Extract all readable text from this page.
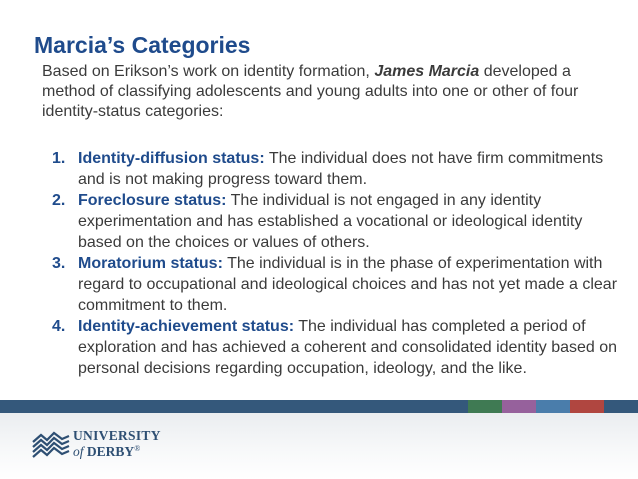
Marcia’s Categories

Based on Erikson’s work on identity formation, James Marcia developed a method of classifying adolescents and young adults into one or other of four identity-status categories:

1. Identity-diffusion status: The individual does not have firm commitments and is not making progress toward them.
2. Foreclosure status: The individual is not engaged in any identity experimentation and has established a vocational or ideological identity based on the choices or values of others.
3. Moratorium status: The individual is in the phase of experimentation with regard to occupational and ideological choices and has not yet made a clear commitment to them.
4. Identity-achievement status: The individual has completed a period of exploration and has achieved a coherent and consolidated identity based on personal decisions regarding occupation, ideology, and the like.
UNIVERSITY
of DERBY®
